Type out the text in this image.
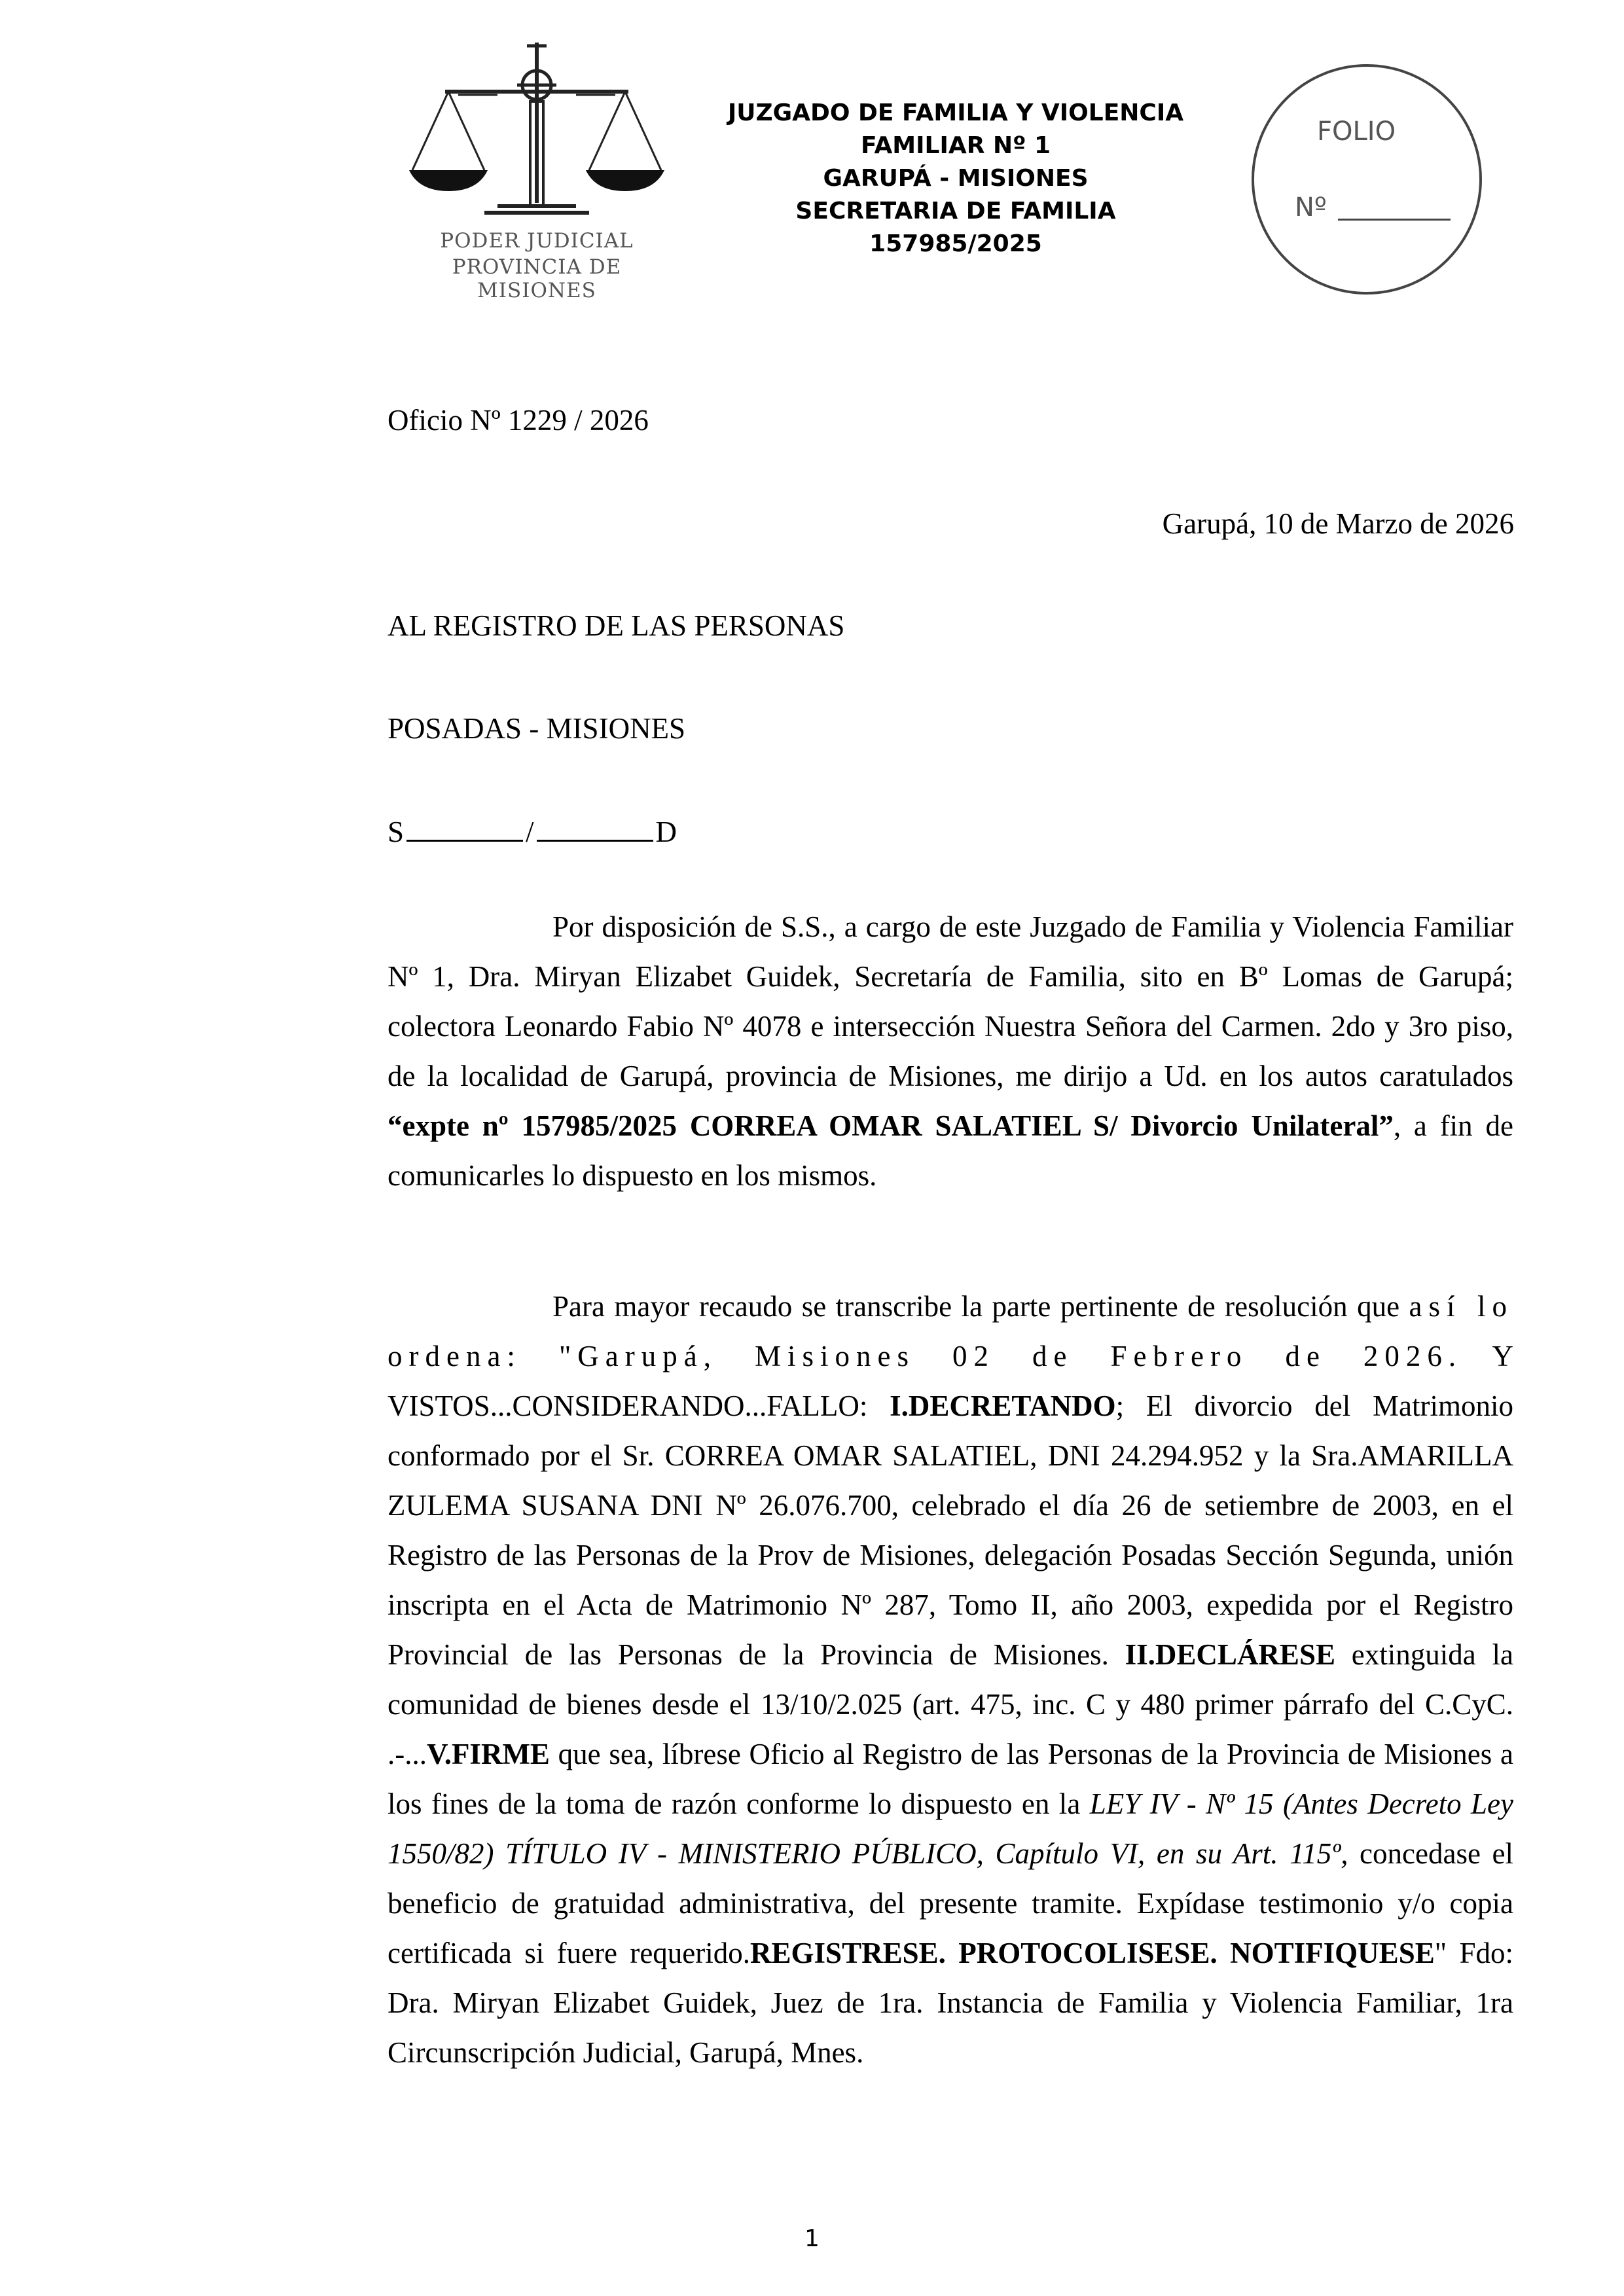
PODER JUDICIAL
PROVINCIA DE MISIONES
JUZGADO DE FAMILIA Y VIOLENCIA
FAMILIAR Nº 1
GARUPÁ - MISIONES
SECRETARIA DE FAMILIA
157985/2025
FOLIO
Nº
Oficio Nº 1229 / 2026
Garupá, 10 de Marzo de 2026
AL REGISTRO DE LAS PERSONAS
POSADAS - MISIONES
S	/	D

Por disposición de S.S., a cargo de este Juzgado de Familia y Violencia Familiar Nº 1, Dra. Miryan Elizabet Guidek, Secretaría de Familia, sito en Bº Lomas de Garupá; colectora Leonardo Fabio Nº 4078 e intersección Nuestra Señora del Carmen. 2do y 3ro piso, de la localidad de Garupá, provincia de Misiones, me dirijo a Ud. en los autos caratulados “expte nº 157985/2025 CORREA OMAR SALATIEL S/ Divorcio Unilateral”, a fin de comunicarles lo dispuesto en los mismos.

Para mayor recaudo se transcribe la parte pertinente de resolución que así lo ordena: "Garupá, Misiones 02 de Febrero de 2026. Y VISTOS...CONSIDERANDO...FALLO: I.DECRETANDO; El divorcio del Matrimonio conformado por el Sr. CORREA OMAR SALATIEL, DNI 24.294.952 y la Sra.AMARILLA ZULEMA SUSANA DNI Nº 26.076.700, celebrado el día 26 de setiembre de 2003, en el Registro de las Personas de la Prov de Misiones, delegación Posadas Sección Segunda, unión inscripta en el Acta de Matrimonio Nº 287, Tomo II, año 2003, expedida por el Registro Provincial de las Personas de la Provincia de Misiones. II.DECLÁRESE extinguida la comunidad de bienes desde el 13/10/2.025 (art. 475, inc. C y 480 primer párrafo del C.CyC. .-...V.FIRME que sea, líbrese Oficio al Registro de las Personas de la Provincia de Misiones a los fines de la toma de razón conforme lo dispuesto en la LEY IV - Nº 15 (Antes Decreto Ley 1550/82) TÍTULO IV - MINISTERIO PÚBLICO, Capítulo VI, en su Art. 115º, concedase el beneficio de gratuidad administrativa, del presente tramite. Expídase testimonio y/o copia certificada si fuere requerido.REGISTRESE. PROTOCOLISESE. NOTIFIQUESE" Fdo: Dra. Miryan Elizabet Guidek, Juez de 1ra. Instancia de Familia y Violencia Familiar, 1ra Circunscripción Judicial, Garupá, Mnes.

1
